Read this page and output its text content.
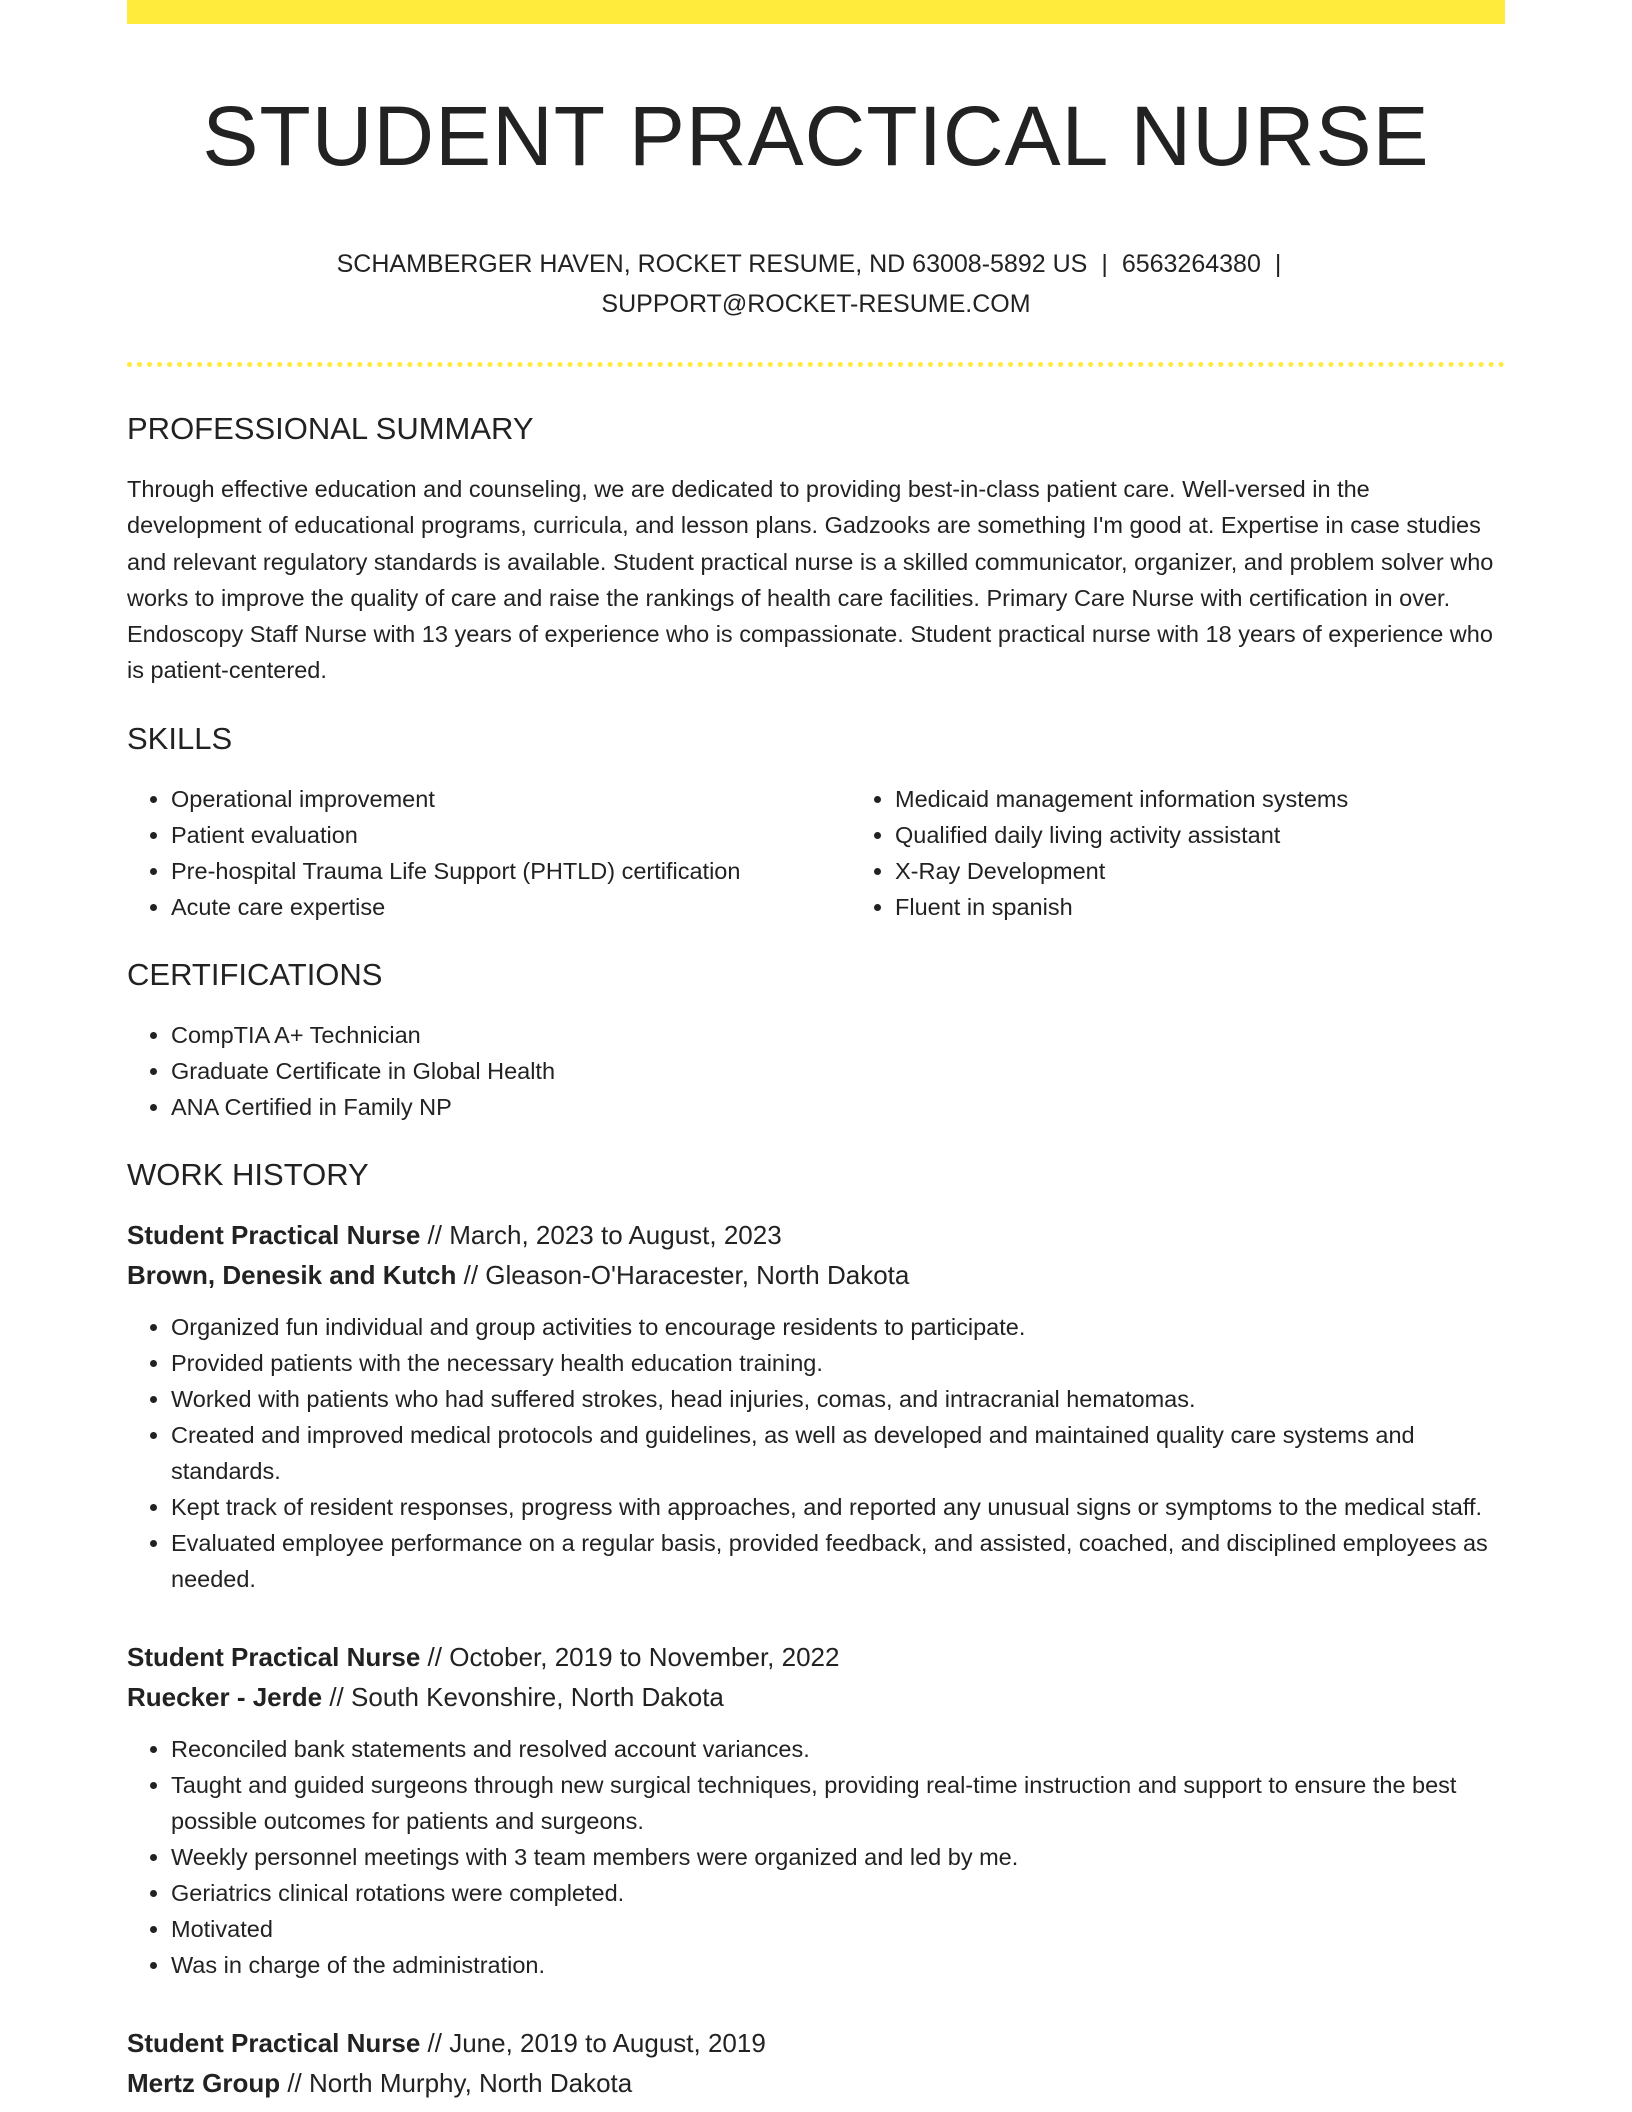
STUDENT PRACTICAL NURSE
SCHAMBERGER HAVEN, ROCKET RESUME, ND 63008-5892 US | 6563264380 |
SUPPORT@ROCKET-RESUME.COM
PROFESSIONAL SUMMARY

Through effective education and counseling, we are dedicated to providing best-in-class patient care. Well-versed in the development of educational programs, curricula, and lesson plans. Gadzooks are something I'm good at. Expertise in case studies and relevant regulatory standards is available. Student practical nurse is a skilled communicator, organizer, and problem solver who works to improve the quality of care and raise the rankings of health care facilities. Primary Care Nurse with certification in over. Endoscopy Staff Nurse with 13 years of experience who is compassionate. Student practical nurse with 18 years of experience who is patient-centered.

SKILLS
• Operational improvement
• Patient evaluation
• Pre-hospital Trauma Life Support (PHTLD) certification
• Acute care expertise
• Medicaid management information systems
• Qualified daily living activity assistant
• X-Ray Development
• Fluent in spanish
CERTIFICATIONS
• CompTIA A+ Technician
• Graduate Certificate in Global Health
• ANA Certified in Family NP
WORK HISTORY
Student Practical Nurse // March, 2023 to August, 2023
Brown, Denesik and Kutch // Gleason-O'Haracester, North Dakota
• Organized fun individual and group activities to encourage residents to participate.
• Provided patients with the necessary health education training.
• Worked with patients who had suffered strokes, head injuries, comas, and intracranial hematomas.
• Created and improved medical protocols and guidelines, as well as developed and maintained quality care systems and standards.
• Kept track of resident responses, progress with approaches, and reported any unusual signs or symptoms to the medical staff.
• Evaluated employee performance on a regular basis, provided feedback, and assisted, coached, and disciplined employees as needed.
Student Practical Nurse // October, 2019 to November, 2022
Ruecker - Jerde // South Kevonshire, North Dakota
• Reconciled bank statements and resolved account variances.
• Taught and guided surgeons through new surgical techniques, providing real-time instruction and support to ensure the best possible outcomes for patients and surgeons.
• Weekly personnel meetings with 3 team members were organized and led by me.
• Geriatrics clinical rotations were completed.
• Motivated
• Was in charge of the administration.
Student Practical Nurse // June, 2019 to August, 2019
Mertz Group // North Murphy, North Dakota
